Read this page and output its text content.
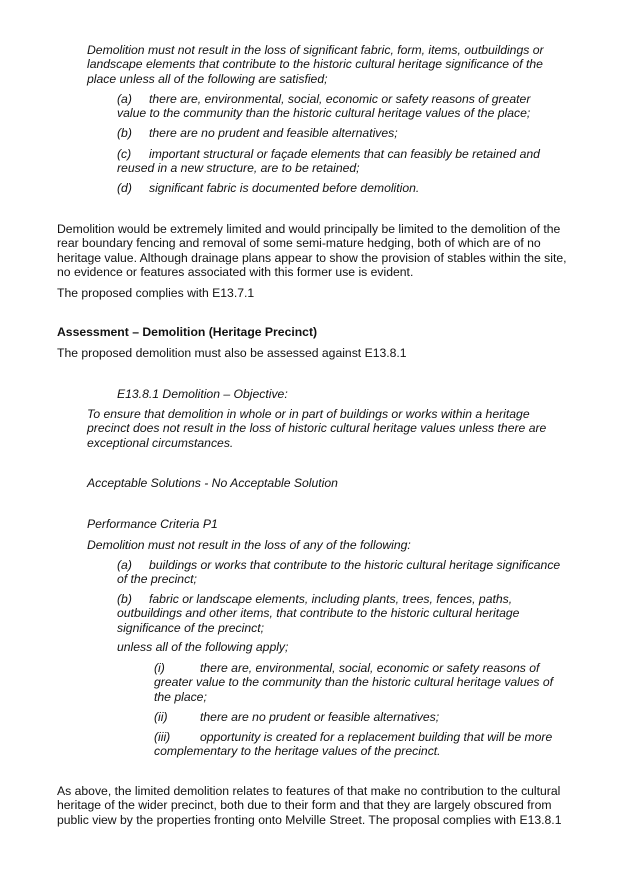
Demolition must not result in the loss of significant fabric, form, items, outbuildings or landscape elements that contribute to the historic cultural heritage significance of the place unless all of the following are satisfied;

(a) there are, environmental, social, economic or safety reasons of greater value to the community than the historic cultural heritage values of the place;

(b) there are no prudent and feasible alternatives;

(c) important structural or façade elements that can feasibly be retained and reused in a new structure, are to be retained;

(d) significant fabric is documented before demolition.

Demolition would be extremely limited and would principally be limited to the demolition of the rear boundary fencing and removal of some semi-mature hedging, both of which are of no heritage value. Although drainage plans appear to show the provision of stables within the site, no evidence or features associated with this former use is evident.

The proposed complies with E13.7.1

Assessment – Demolition (Heritage Precinct)

The proposed demolition must also be assessed against E13.8.1

E13.8.1 Demolition – Objective:

To ensure that demolition in whole or in part of buildings or works within a heritage precinct does not result in the loss of historic cultural heritage values unless there are exceptional circumstances.

Acceptable Solutions - No Acceptable Solution

Performance Criteria P1

Demolition must not result in the loss of any of the following:

(a) buildings or works that contribute to the historic cultural heritage significance of the precinct;

(b) fabric or landscape elements, including plants, trees, fences, paths, outbuildings and other items, that contribute to the historic cultural heritage significance of the precinct;

unless all of the following apply;

(i)	there are, environmental, social, economic or safety reasons of greater value to the community than the historic cultural heritage values of the place;

(ii)	there are no prudent or feasible alternatives;

(iii) opportunity is created for a replacement building that will be more complementary to the heritage values of the precinct.

As above, the limited demolition relates to features of that make no contribution to the cultural heritage of the wider precinct, both due to their form and that they are largely obscured from public view by the properties fronting onto Melville Street. The proposal complies with E13.8.1
